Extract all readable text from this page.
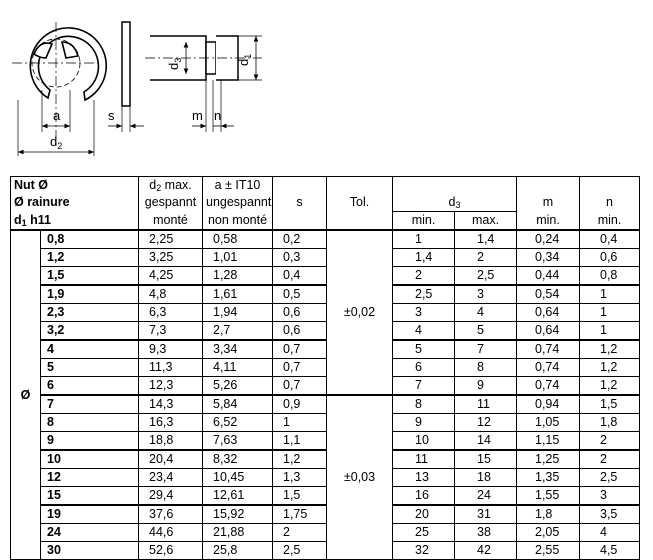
a
$d_2$
s
$d_3$	$d_1$
m n
Nut Ø		$d_2$ max.	a ± IT10						
Ø rainure		gespannt	ungespannt	s	Tol.	$d_3$		m	n
$d_1$ h11		monté	non monté			min.	max.	min.	min.
Ø	0,8	2,25	0,58	0,2	±0,02	1	1,4	0,24	0,4
	1,2	3,25	1,01	0,3		1,4	2	0,34	0,6
	1,5	4,25	1,28	0,4		2	2,5	0,44	0,8
	1,9	4,8	1,61	0,5		2,5	3	0,54	1
	2,3	6,3	1,94	0,6		3	4	0,64	1
	3,2	7,3	2,7	0,6		4	5	0,64	1
	4	9,3	3,34	0,7		5	7	0,74	1,2
	5	11,3	4,11	0,7		6	8	0,74	1,2
	6	12,3	5,26	0,7		7	9	0,74	1,2
	7	14,3	5,84	0,9	±0,03	8	11	0,94	1,5
	8	16,3	6,52	1		9	12	1,05	1,8
	9	18,8	7,63	1,1		10	14	1,15	2
	10	20,4	8,32	1,2		11	15	1,25	2
	12	23,4	10,45	1,3		13	18	1,35	2,5
	15	29,4	12,61	1,5		16	24	1,55	3
	19	37,6	15,92	1,75		20	31	1,8	3,5
	24	44,6	21,88	2		25	38	2,05	4
	30	52,6	25,8	2,5		32	42	2,55	4,5
